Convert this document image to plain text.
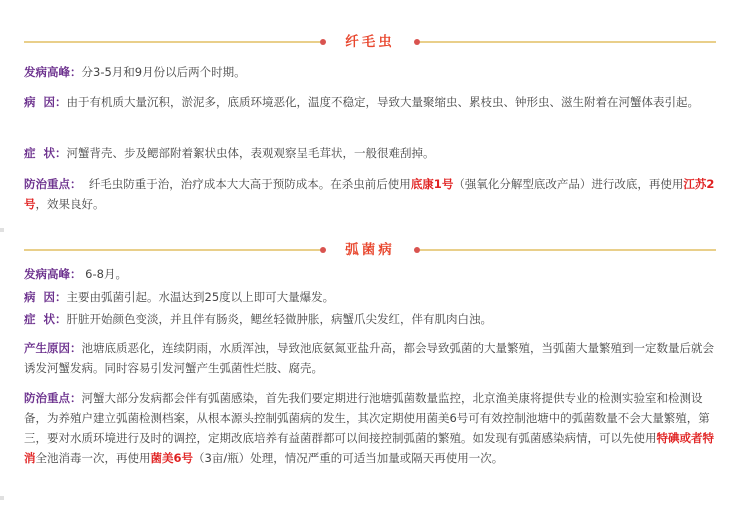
纤毛虫
发病高峰：分3-5月和9月份以后两个时期。
病  因：由于有机质大量沉积，淤泥多，底质环境恶化，温度不稳定，导致大量聚缩虫、累枝虫、钟形虫、滋生附着在河蟹体表引起。
症  状：河蟹背壳、步及鳃部附着絮状虫体，表观观察呈毛茸状，一般很难刮掉。
防治重点： 纤毛虫防重于治，治疗成本大大高于预防成本。在杀虫前后使用底康1号（强氧化分解型底改产品）进行改底，再使用江苏2号，效果良好。
弧菌病
发病高峰： 6-8月。
病  因：主要由弧菌引起。水温达到25度以上即可大量爆发。
症  状：肝脏开始颜色变淡，并且伴有肠炎，鳃丝轻微肿胀，病蟹爪尖发红，伴有肌肉白浊。
产生原因：池塘底质恶化，连续阴雨，水质浑浊，导致池底氨氮亚盐升高，都会导致弧菌的大量繁殖，当弧菌大量繁殖到一定数量后就会诱发河蟹发病。同时容易引发河蟹产生弧菌性烂肢、腐壳。
防治重点：河蟹大部分发病都会伴有弧菌感染，首先我们要定期进行池塘弧菌数量监控，北京渔美康将提供专业的检测实验室和检测设备，为养殖户建立弧菌检测档案，从根本源头控制弧菌病的发生，其次定期使用菌美6号可有效控制池塘中的弧菌数量不会大量繁殖，第三，要对水质环境进行及时的调控，定期改底培养有益菌群都可以间接控制弧菌的繁殖。如发现有弧菌感染病情，可以先使用特碘或者特消全池消毒一次，再使用菌美6号（3亩/瓶）处理，情况严重的可适当加量或隔天再使用一次。
